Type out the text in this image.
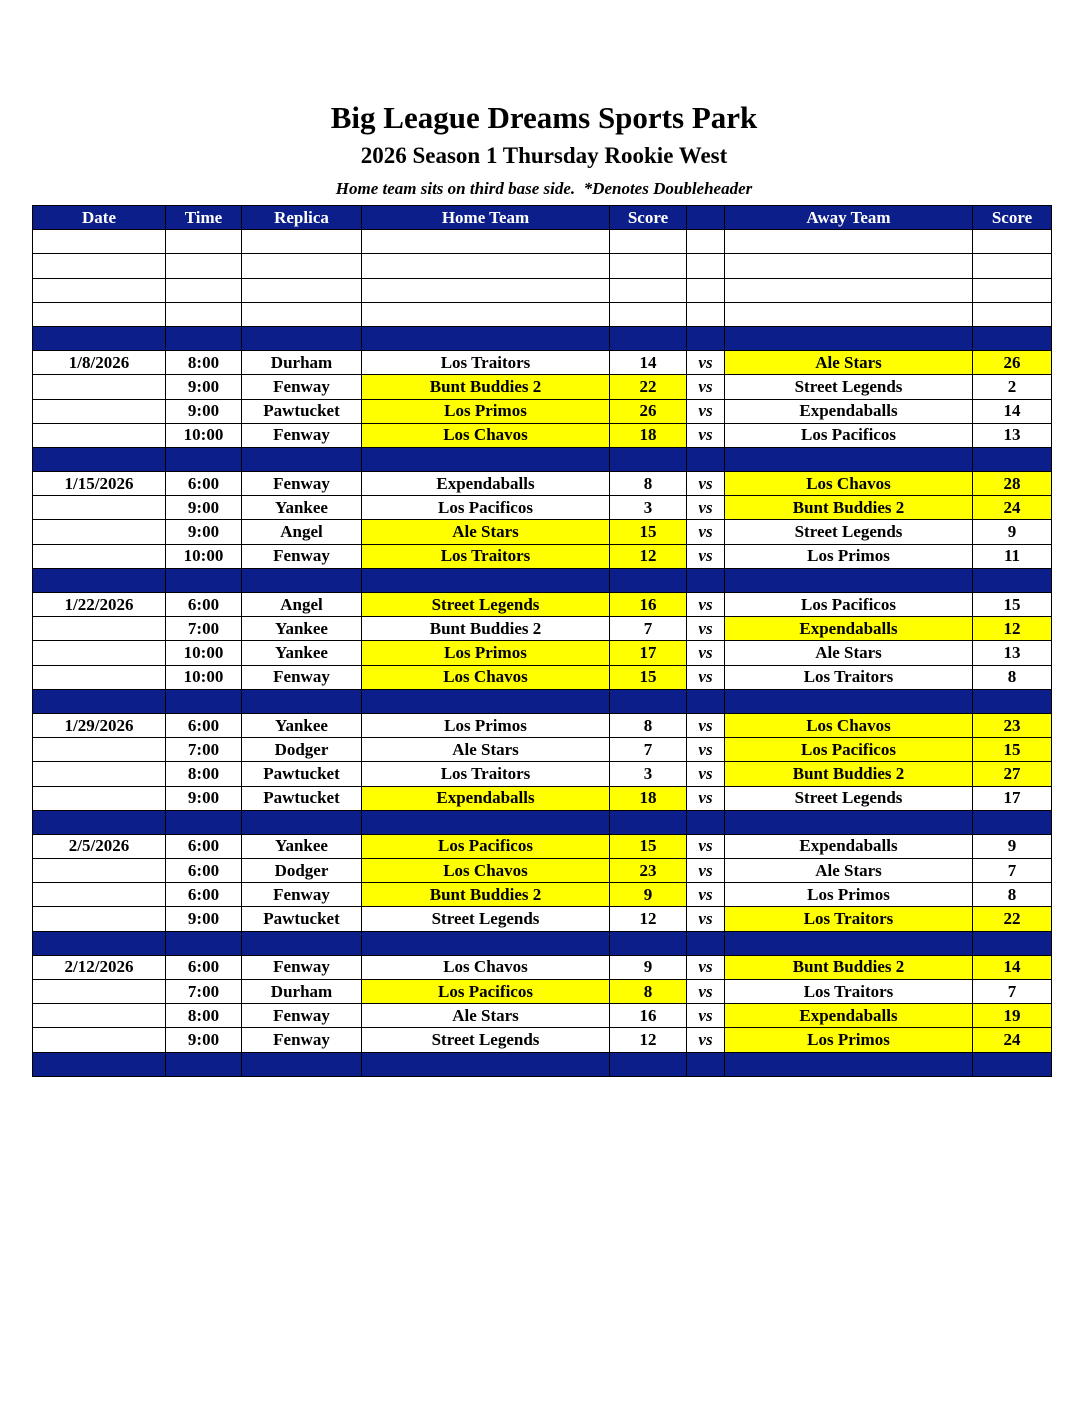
Big League Dreams Sports Park
2026 Season 1 Thursday Rookie West
Home team sits on third base side.  *Denotes Doubleheader
Date	Time	Replica	Home Team	Score		Away Team	Score

1/8/2026	8:00	Durham	Los Traitors	14	vs	Ale Stars	26
	9:00	Fenway	Bunt Buddies 2	22	vs	Street Legends	2
	9:00	Pawtucket	Los Primos	26	vs	Expendaballs	14
	10:00	Fenway	Los Chavos	18	vs	Los Pacificos	13

1/15/2026	6:00	Fenway	Expendaballs	8	vs	Los Chavos	28
	9:00	Yankee	Los Pacificos	3	vs	Bunt Buddies 2	24
	9:00	Angel	Ale Stars	15	vs	Street Legends	9
	10:00	Fenway	Los Traitors	12	vs	Los Primos	11

1/22/2026	6:00	Angel	Street Legends	16	vs	Los Pacificos	15
	7:00	Yankee	Bunt Buddies 2	7	vs	Expendaballs	12
	10:00	Yankee	Los Primos	17	vs	Ale Stars	13
	10:00	Fenway	Los Chavos	15	vs	Los Traitors	8

1/29/2026	6:00	Yankee	Los Primos	8	vs	Los Chavos	23
	7:00	Dodger	Ale Stars	7	vs	Los Pacificos	15
	8:00	Pawtucket	Los Traitors	3	vs	Bunt Buddies 2	27
	9:00	Pawtucket	Expendaballs	18	vs	Street Legends	17

2/5/2026	6:00	Yankee	Los Pacificos	15	vs	Expendaballs	9
	6:00	Dodger	Los Chavos	23	vs	Ale Stars	7
	6:00	Fenway	Bunt Buddies 2	9	vs	Los Primos	8
	9:00	Pawtucket	Street Legends	12	vs	Los Traitors	22

2/12/2026	6:00	Fenway	Los Chavos	9	vs	Bunt Buddies 2	14
	7:00	Durham	Los Pacificos	8	vs	Los Traitors	7
	8:00	Fenway	Ale Stars	16	vs	Expendaballs	19
	9:00	Fenway	Street Legends	12	vs	Los Primos	24
